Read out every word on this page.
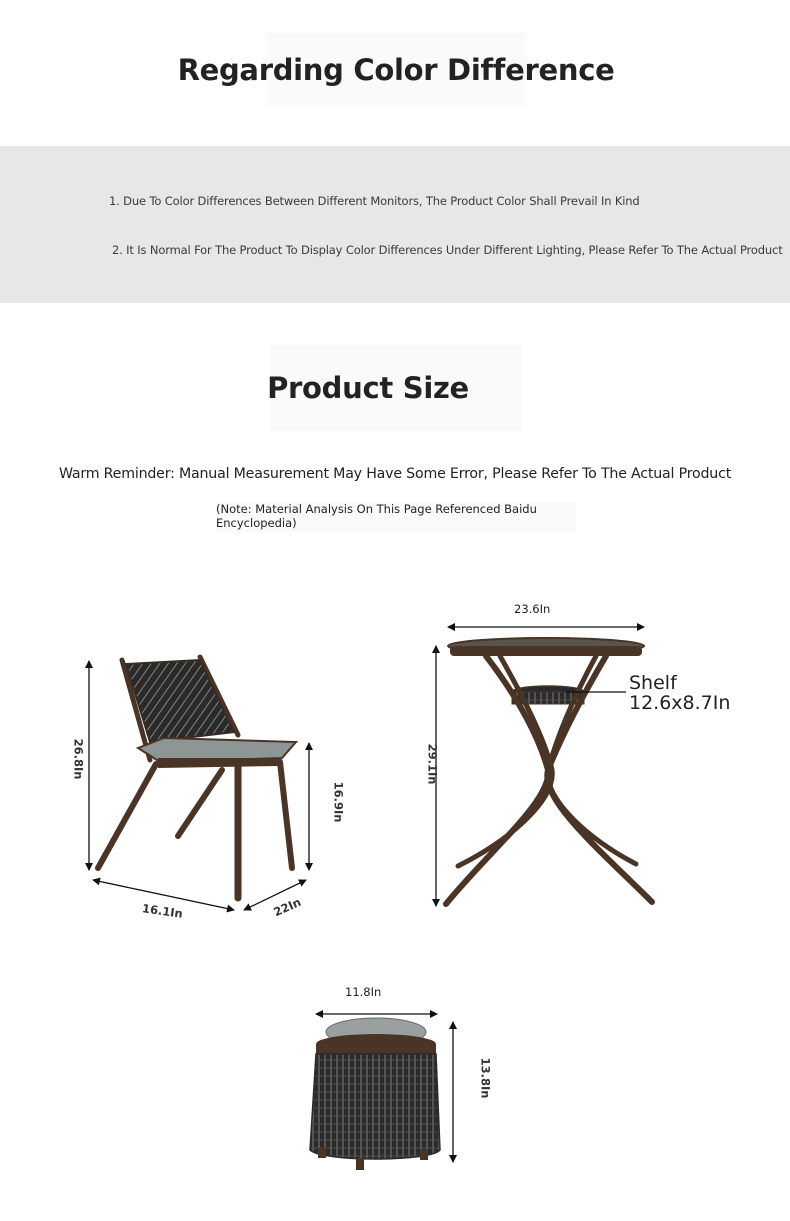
Regarding Color Difference
1. Due To Color Differences Between Different Monitors, The Product Color Shall Prevail In Kind
2. It Is Normal For The Product To Display Color Differences Under Different Lighting, Please Refer To The Actual Product
Product Size
Warm Reminder: Manual Measurement May Have Some Error, Please Refer To The Actual Product
(Note: Material Analysis On This Page Referenced Baidu Encyclopedia)
26.8In
16.9In
16.1In	22In
23.6In
29.1In
Shelf
12.6x8.7In
11.8In
13.8In
